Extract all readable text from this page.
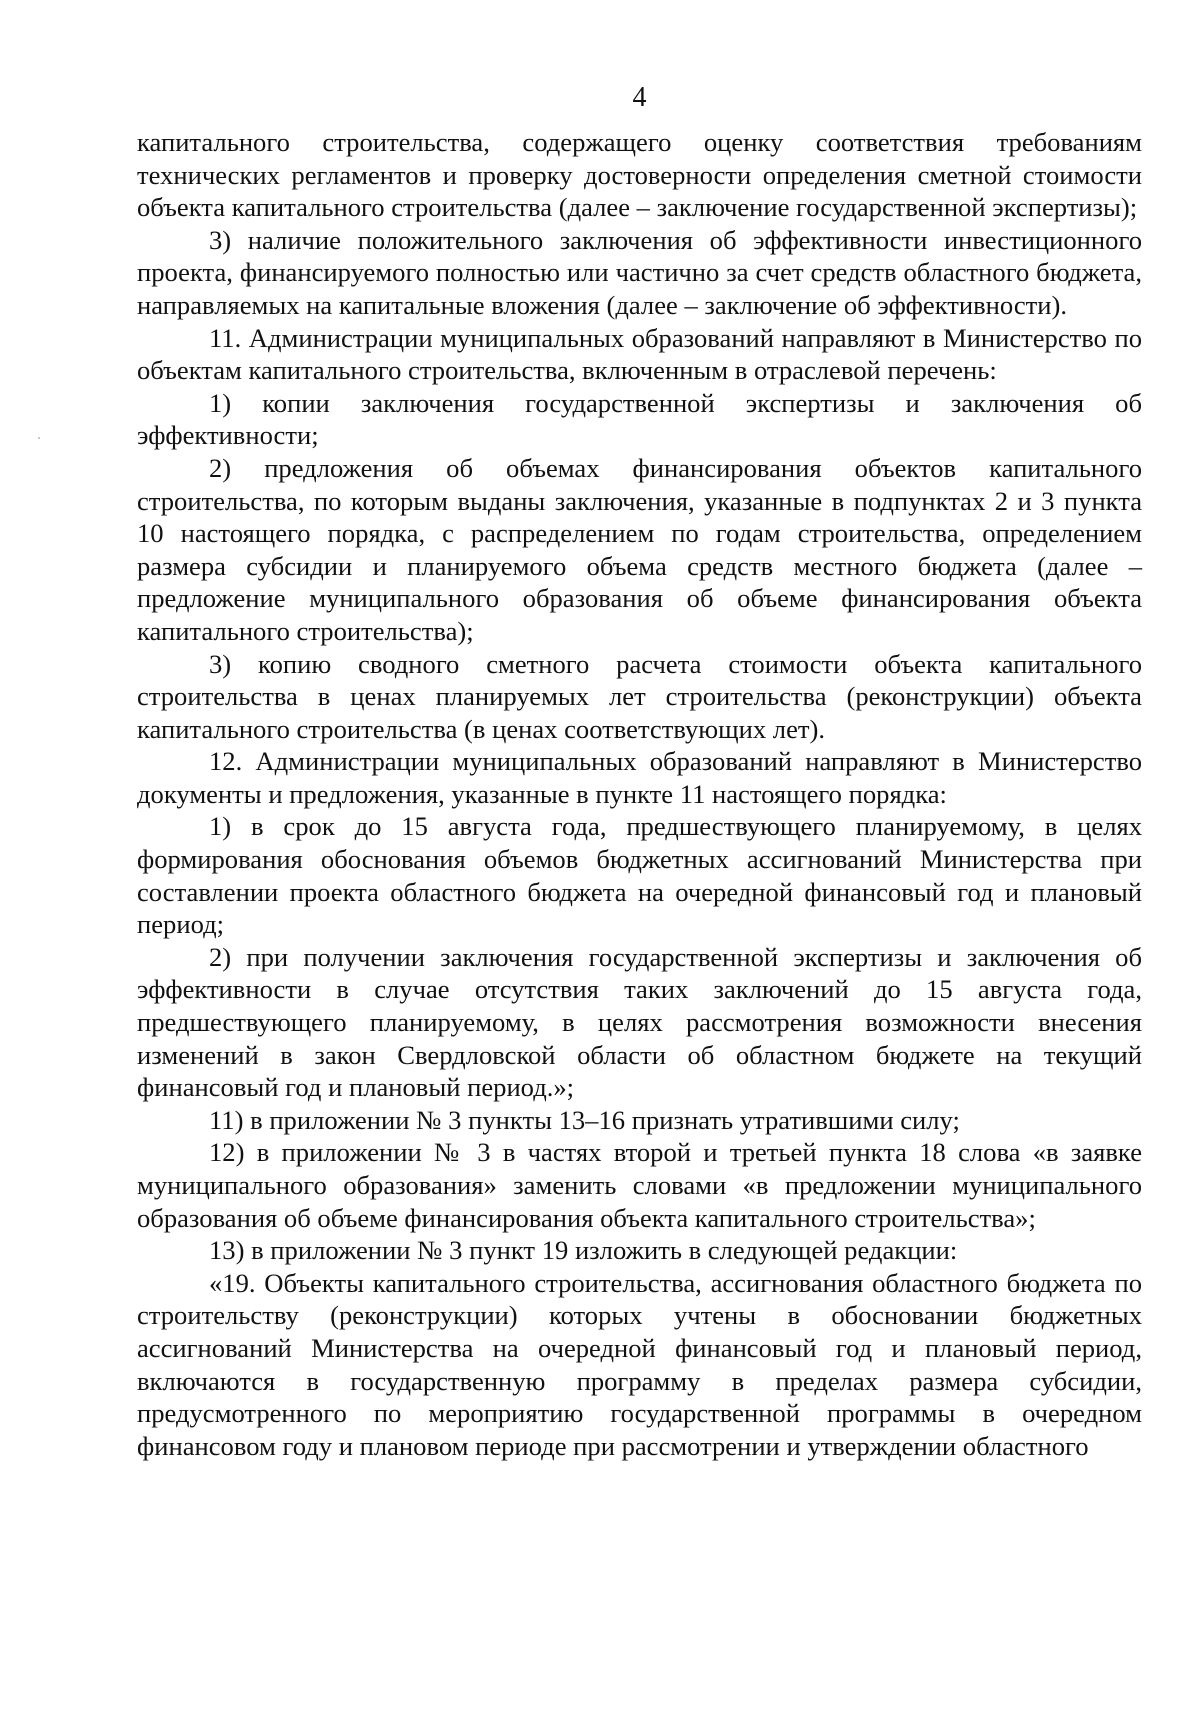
4

капитального строительства, содержащего оценку соответствия требованиям технических регламентов и проверку достоверности определения сметной стоимости объекта капитального строительства (далее – заключение государственной экспертизы);

3) наличие положительного заключения об эффективности инвестиционного проекта, финансируемого полностью или частично за счет средств областного бюджета, направляемых на капитальные вложения (далее – заключение об эффективности).

11. Администрации муниципальных образований направляют в Министерство по объектам капитального строительства, включенным в отраслевой перечень:

1) копии заключения государственной экспертизы и заключения об эффективности;

2) предложения об объемах финансирования объектов капитального строительства, по которым выданы заключения, указанные в подпунктах 2 и 3 пункта 10 настоящего порядка, с распределением по годам строительства, определением размера субсидии и планируемого объема средств местного бюджета (далее – предложение муниципального образования об объеме финансирования объекта капитального строительства);

3) копию сводного сметного расчета стоимости объекта капитального строительства в ценах планируемых лет строительства (реконструкции) объекта капитального строительства (в ценах соответствующих лет).

12. Администрации муниципальных образований направляют в Министерство документы и предложения, указанные в пункте 11 настоящего порядка:

1) в срок до 15 августа года, предшествующего планируемому, в целях формирования обоснования объемов бюджетных ассигнований Министерства при составлении проекта областного бюджета на очередной финансовый год и плановый период;

2) при получении заключения государственной экспертизы и заключения об эффективности в случае отсутствия таких заключений до 15 августа года, предшествующего планируемому, в целях рассмотрения возможности внесения изменений в закон Свердловской области об областном бюджете на текущий финансовый год и плановый период.»;

11) в приложении № 3 пункты 13–16 признать утратившими силу;

12) в приложении № 3 в частях второй и третьей пункта 18 слова «в заявке муниципального образования» заменить словами «в предложении муниципального образования об объеме финансирования объекта капитального строительства»;

13) в приложении № 3 пункт 19 изложить в следующей редакции:

«19. Объекты капитального строительства, ассигнования областного бюджета по строительству (реконструкции) которых учтены в обосновании бюджетных ассигнований Министерства на очередной финансовый год и плановый период, включаются в государственную программу в пределах размера субсидии, предусмотренного по мероприятию государственной программы в очередном финансовом году и плановом периоде при рассмотрении и утверждении областного
